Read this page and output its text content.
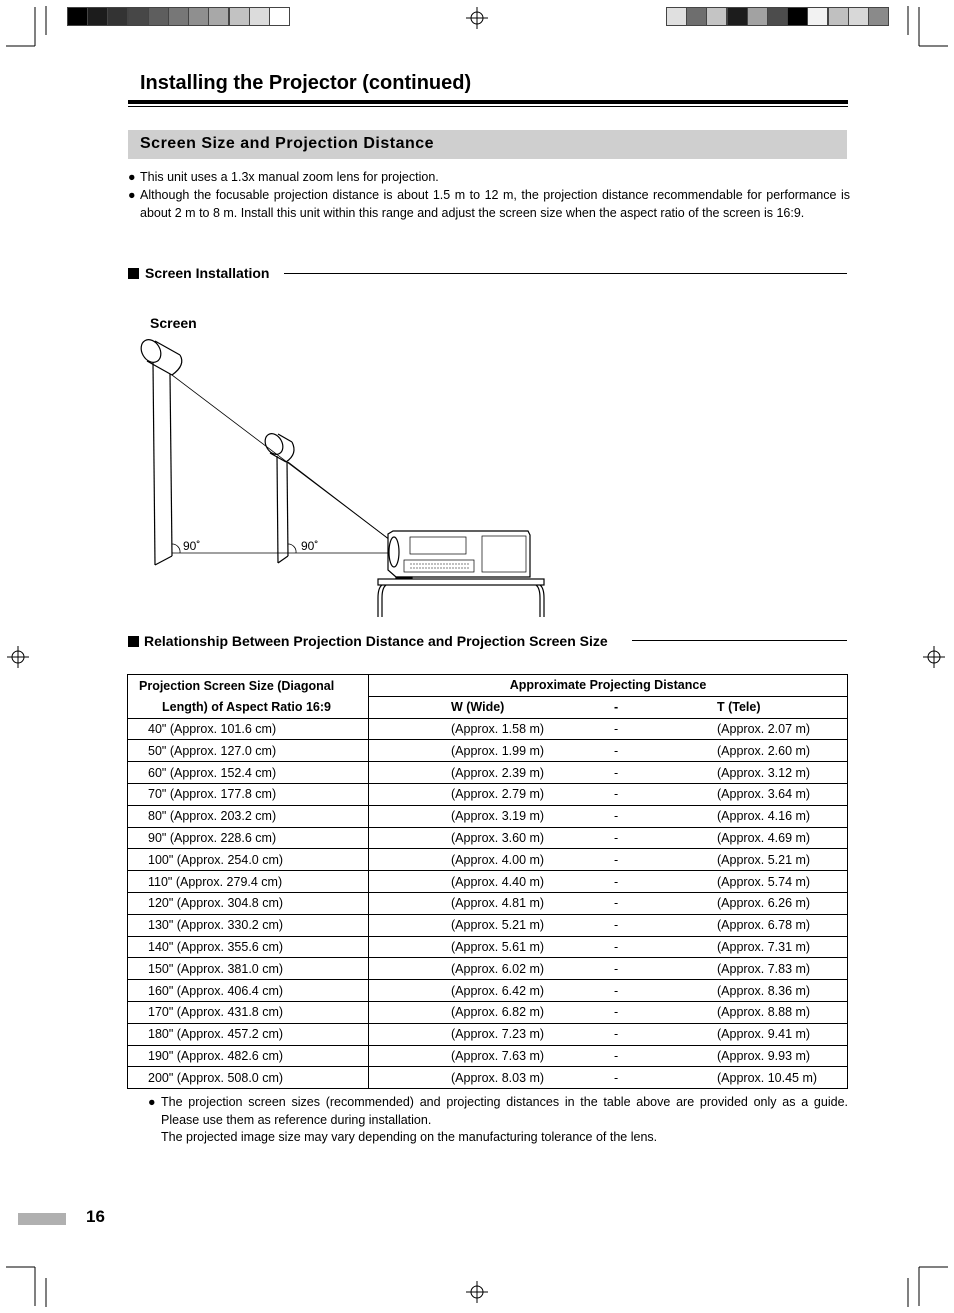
Installing the Projector (continued)
Screen Size and Projection Distance
● This unit uses a 1.3x manual zoom lens for projection.
● Although the focusable projection distance is about 1.5 m to 12 m, the projection distance recommendable for performance is about 2 m to 8 m. Install this unit within this range and adjust the screen size when the aspect ratio of the screen is 16:9.
Screen Installation
Screen
90˚	90˚
Relationship Between Projection Distance and Projection Screen Size
Projection Screen Size (Diagonal	Approximate Projecting Distance		
Length) of Aspect Ratio 16:9	W (Wide)	-	T (Tele)
40" (Approx. 101.6 cm)	(Approx. 1.58 m)	-	(Approx. 2.07 m)
50" (Approx. 127.0 cm)	(Approx. 1.99 m)	-	(Approx. 2.60 m)
60" (Approx. 152.4 cm)	(Approx. 2.39 m)	-	(Approx. 3.12 m)
70" (Approx. 177.8 cm)	(Approx. 2.79 m)	-	(Approx. 3.64 m)
80" (Approx. 203.2 cm)	(Approx. 3.19 m)	-	(Approx. 4.16 m)
90" (Approx. 228.6 cm)	(Approx. 3.60 m)	-	(Approx. 4.69 m)
100" (Approx. 254.0 cm)	(Approx. 4.00 m)	-	(Approx. 5.21 m)
110" (Approx. 279.4 cm)	(Approx. 4.40 m)	-	(Approx. 5.74 m)
120" (Approx. 304.8 cm)	(Approx. 4.81 m)	-	(Approx. 6.26 m)
130" (Approx. 330.2 cm)	(Approx. 5.21 m)	-	(Approx. 6.78 m)
140" (Approx. 355.6 cm)	(Approx. 5.61 m)	-	(Approx. 7.31 m)
150" (Approx. 381.0 cm)	(Approx. 6.02 m)	-	(Approx. 7.83 m)
160" (Approx. 406.4 cm)	(Approx. 6.42 m)	-	(Approx. 8.36 m)
170" (Approx. 431.8 cm)	(Approx. 6.82 m)	-	(Approx. 8.88 m)
180" (Approx. 457.2 cm)	(Approx. 7.23 m)	-	(Approx. 9.41 m)
190" (Approx. 482.6 cm)	(Approx. 7.63 m)	-	(Approx. 9.93 m)
200" (Approx. 508.0 cm)	(Approx. 8.03 m)	-	(Approx. 10.45 m)
● The projection screen sizes (recommended) and projecting distances in the table above are provided only as a guide. Please use them as reference during installation.
The projected image size may vary depending on the manufacturing tolerance of the lens.
16
